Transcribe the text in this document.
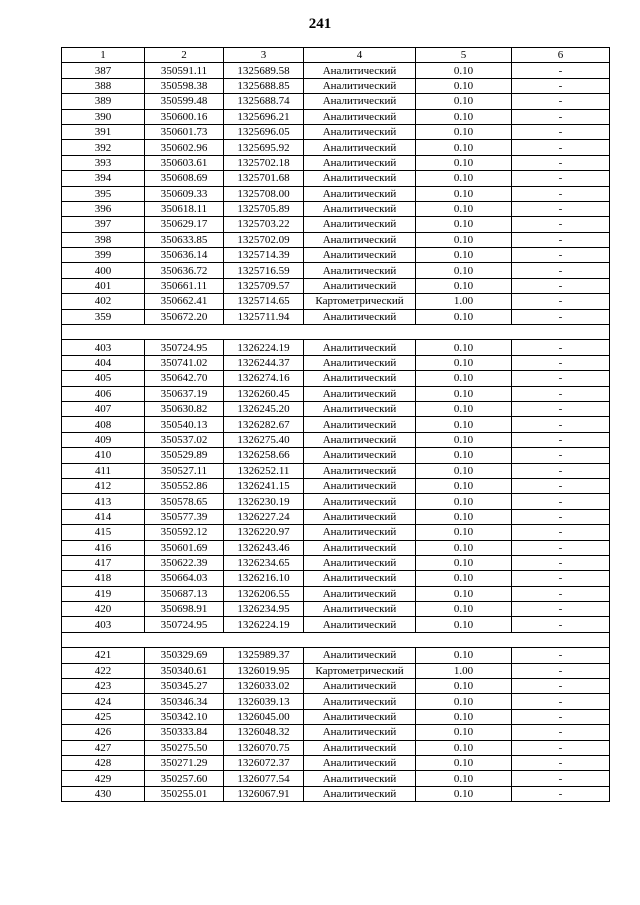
241
1	2	3	4	5	6
387	350591.11	1325689.58	Аналитический	0.10	-
388	350598.38	1325688.85	Аналитический	0.10	-
389	350599.48	1325688.74	Аналитический	0.10	-
390	350600.16	1325696.21	Аналитический	0.10	-
391	350601.73	1325696.05	Аналитический	0.10	-
392	350602.96	1325695.92	Аналитический	0.10	-
393	350603.61	1325702.18	Аналитический	0.10	-
394	350608.69	1325701.68	Аналитический	0.10	-
395	350609.33	1325708.00	Аналитический	0.10	-
396	350618.11	1325705.89	Аналитический	0.10	-
397	350629.17	1325703.22	Аналитический	0.10	-
398	350633.85	1325702.09	Аналитический	0.10	-
399	350636.14	1325714.39	Аналитический	0.10	-
400	350636.72	1325716.59	Аналитический	0.10	-
401	350661.11	1325709.57	Аналитический	0.10	-
402	350662.41	1325714.65	Картометрический	1.00	-
359	350672.20	1325711.94	Аналитический	0.10	-

403	350724.95	1326224.19	Аналитический	0.10	-
404	350741.02	1326244.37	Аналитический	0.10	-
405	350642.70	1326274.16	Аналитический	0.10	-
406	350637.19	1326260.45	Аналитический	0.10	-
407	350630.82	1326245.20	Аналитический	0.10	-
408	350540.13	1326282.67	Аналитический	0.10	-
409	350537.02	1326275.40	Аналитический	0.10	-
410	350529.89	1326258.66	Аналитический	0.10	-
411	350527.11	1326252.11	Аналитический	0.10	-
412	350552.86	1326241.15	Аналитический	0.10	-
413	350578.65	1326230.19	Аналитический	0.10	-
414	350577.39	1326227.24	Аналитический	0.10	-
415	350592.12	1326220.97	Аналитический	0.10	-
416	350601.69	1326243.46	Аналитический	0.10	-
417	350622.39	1326234.65	Аналитический	0.10	-
418	350664.03	1326216.10	Аналитический	0.10	-
419	350687.13	1326206.55	Аналитический	0.10	-
420	350698.91	1326234.95	Аналитический	0.10	-
403	350724.95	1326224.19	Аналитический	0.10	-

421	350329.69	1325989.37	Аналитический	0.10	-
422	350340.61	1326019.95	Картометрический	1.00	-
423	350345.27	1326033.02	Аналитический	0.10	-
424	350346.34	1326039.13	Аналитический	0.10	-
425	350342.10	1326045.00	Аналитический	0.10	-
426	350333.84	1326048.32	Аналитический	0.10	-
427	350275.50	1326070.75	Аналитический	0.10	-
428	350271.29	1326072.37	Аналитический	0.10	-
429	350257.60	1326077.54	Аналитический	0.10	-
430	350255.01	1326067.91	Аналитический	0.10	-
